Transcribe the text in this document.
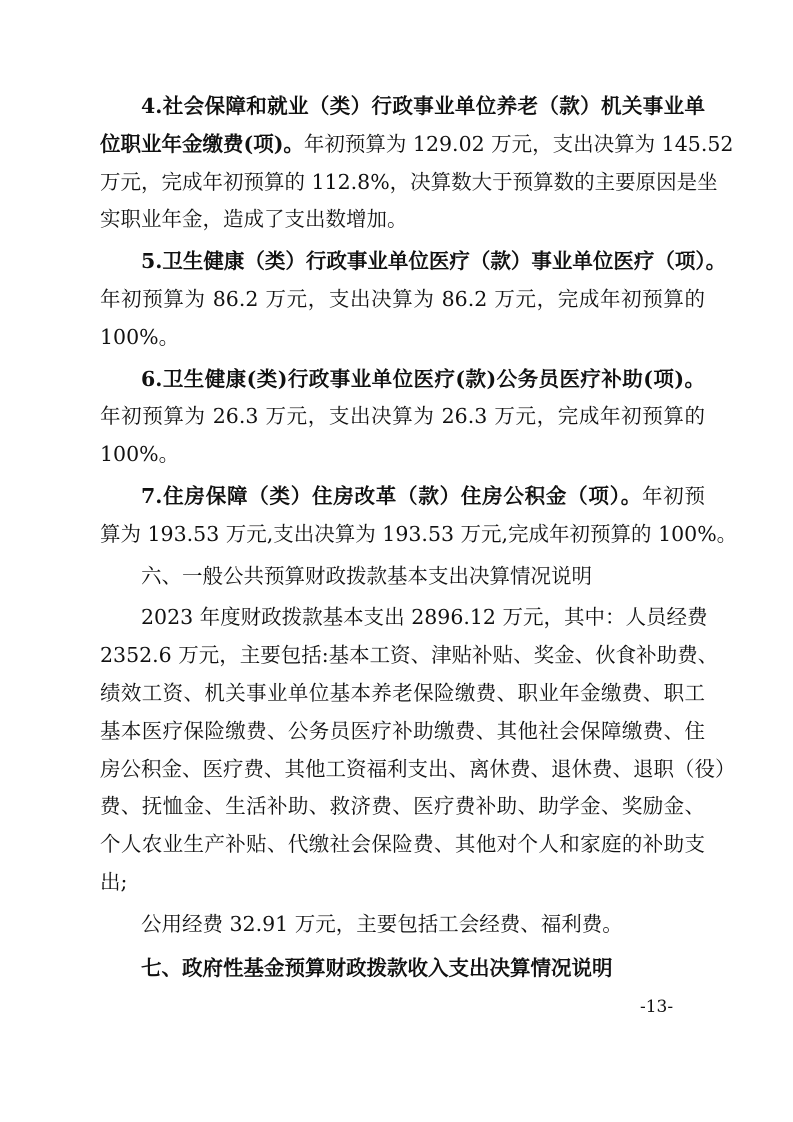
4.社会保障和就业（类）行政事业单位养老（款）机关事业单
位职业年金缴费(项)。年初预算为 129.02 万元，支出决算为 145.52
万元，完成年初预算的 112.8%，决算数大于预算数的主要原因是坐
实职业年金，造成了支出数增加。
5.卫生健康（类）行政事业单位医疗（款）事业单位医疗（项）。
年初预算为 86.2 万元，支出决算为 86.2 万元，完成年初预算的
100%。
6.卫生健康(类)行政事业单位医疗(款)公务员医疗补助(项)。
年初预算为 26.3 万元，支出决算为 26.3 万元，完成年初预算的
100%。
7.住房保障（类）住房改革（款）住房公积金（项）。年初预
算为 193.53 万元,支出决算为 193.53 万元,完成年初预算的 100%。
六、一般公共预算财政拨款基本支出决算情况说明
2023 年度财政拨款基本支出 2896.12 万元，其中：人员经费
2352.6 万元，主要包括:基本工资、津贴补贴、奖金、伙食补助费、
绩效工资、机关事业单位基本养老保险缴费、职业年金缴费、职工
基本医疗保险缴费、公务员医疗补助缴费、其他社会保障缴费、住
房公积金、医疗费、其他工资福利支出、离休费、退休费、退职（役）
费、抚恤金、生活补助、救济费、医疗费补助、助学金、奖励金、
个人农业生产补贴、代缴社会保险费、其他对个人和家庭的补助支
出;
公用经费 32.91 万元，主要包括工会经费、福利费。
七、政府性基金预算财政拨款收入支出决算情况说明
-13-
